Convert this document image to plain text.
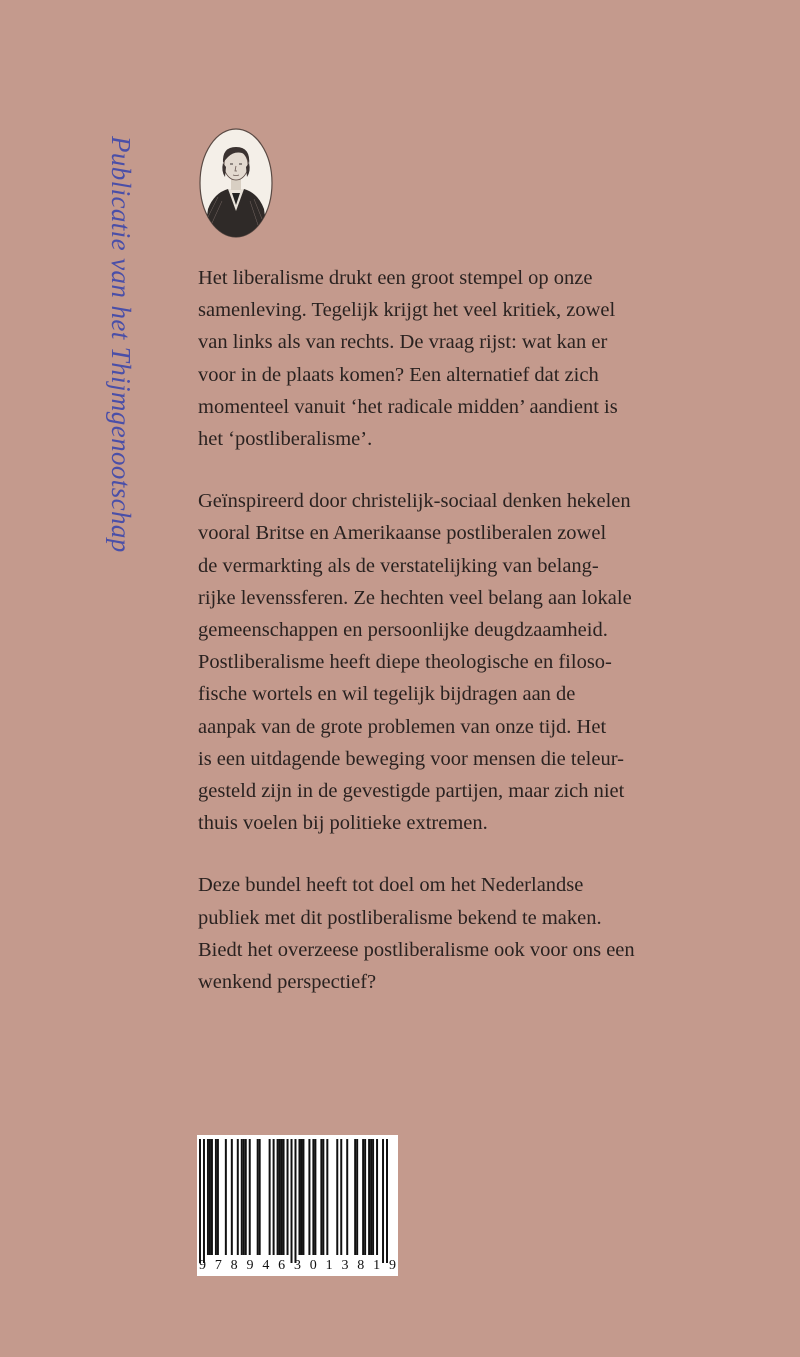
Publicatie van het Thijmgenootschap	Het liberalisme drukt een groot stempel op onze
samenleving. Tegelijk krijgt het veel kritiek, zowel
van links als van rechts. De vraag rijst: wat kan er
voor in de plaats komen? Een alternatief dat zich
momenteel vanuit ‘het radicale midden’ aandient is
het ‘postliberalisme’.

Geïnspireerd door christelijk-sociaal denken hekelen
vooral Britse en Amerikaanse postliberalen zowel
de vermarkting als de verstatelijking van belang-
rijke levenssferen. Ze hechten veel belang aan lokale
gemeenschappen en persoonlijke deugdzaamheid.
Postliberalisme heeft diepe theologische en filoso-
fische wortels en wil tegelijk bijdragen aan de
aanpak van de grote problemen van onze tijd. Het
is een uitdagende beweging voor mensen die teleur-
gesteld zijn in de gevestigde partijen, maar zich niet
thuis voelen bij politieke extremen.

Deze bundel heeft tot doel om het Nederlandse
publiek met dit postliberalisme bekend te maken.
Biedt het overzeese postliberalisme ook voor ons een
wenkend perspectief?

9 7 8 9 4 6 3 0 1 3 8 1 9
